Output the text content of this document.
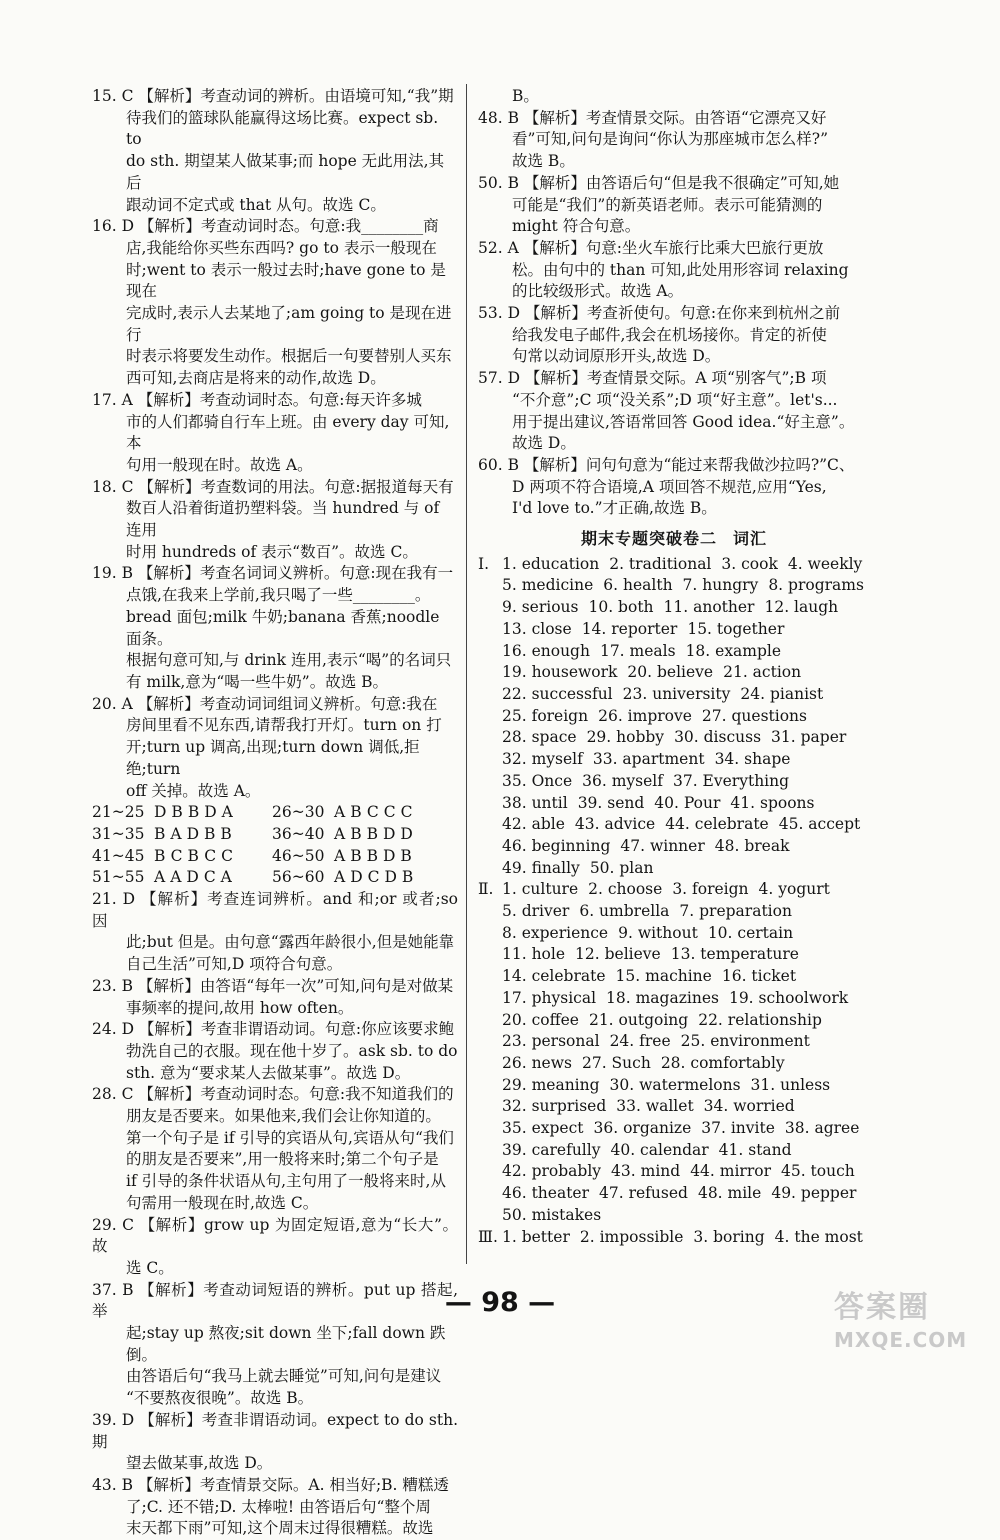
15. C 【解析】考查动词的辨析。由语境可知,“我”期
待我们的篮球队能赢得这场比赛。expect sb. to
do sth. 期望某人做某事;而 hope 无此用法,其后
跟动词不定式或 that 从句。故选 C。
16. D 【解析】考查动词时态。句意:我________商
店,我能给你买些东西吗? go to 表示一般现在
时;went to 表示一般过去时;have gone to 是现在
完成时,表示人去某地了;am going to 是现在进行
时表示将要发生动作。根据后一句要替别人买东
西可知,去商店是将来的动作,故选 D。
17. A 【解析】考查动词时态。句意:每天许多城
市的人们都骑自行车上班。由 every day 可知,本
句用一般现在时。故选 A。
18. C 【解析】考查数词的用法。句意:据报道每天有
数百人沿着街道扔塑料袋。当 hundred 与 of 连用
时用 hundreds of 表示“数百”。故选 C。
19. B 【解析】考查名词词义辨析。句意:现在我有一
点饿,在我来上学前,我只喝了一些________。
bread 面包;milk 牛奶;banana 香蕉;noodle 面条。
根据句意可知,与 drink 连用,表示“喝”的名词只
有 milk,意为“喝一些牛奶”。故选 B。
20. A 【解析】考查动词词组词义辨析。句意:我在
房间里看不见东西,请帮我打开灯。turn on 打
开;turn up 调高,出现;turn down 调低,拒绝;turn
off 关掉。故选 A。
21~25 DBBDA	26~30 ABCCC
31~35 BADBB	36~40 ABBDD
41~45 BCBCC	46~50 ABBDB
51~55 AADCA	56~60 ADCDB
21. D 【解析】考查连词辨析。and 和;or 或者;so 因
此;but 但是。由句意“露西年龄很小,但是她能靠
自己生活”可知,D 项符合句意。
23. B 【解析】由答语“每年一次”可知,问句是对做某
事频率的提问,故用 how often。
24. D 【解析】考查非谓语动词。句意:你应该要求鲍
勃洗自己的衣服。现在他十岁了。ask sb. to do
sth. 意为“要求某人去做某事”。故选 D。
28. C 【解析】考查动词时态。句意:我不知道我们的
朋友是否要来。如果他来,我们会让你知道的。
第一个句子是 if 引导的宾语从句,宾语从句“我们
的朋友是否要来”,用一般将来时;第二个句子是
if 引导的条件状语从句,主句用了一般将来时,从
句需用一般现在时,故选 C。
29. C 【解析】grow up 为固定短语,意为“长大”。故
选 C。
37. B 【解析】考查动词短语的辨析。put up 搭起,举
起;stay up 熬夜;sit down 坐下;fall down 跌倒。
由答语后句“我马上就去睡觉”可知,问句是建议
“不要熬夜很晚”。故选 B。
39. D 【解析】考查非谓语动词。expect to do sth. 期
望去做某事,故选 D。
43. B 【解析】考查情景交际。A. 相当好;B. 糟糕透
了;C. 还不错;D. 太棒啦! 由答语后句“整个周
末天都下雨”可知,这个周末过得很糟糕。故选
B。
48. B 【解析】考查情景交际。由答语“它漂亮又好
看”可知,问句是询问“你认为那座城市怎么样?”
故选 B。
50. B 【解析】由答语后句“但是我不很确定”可知,她
可能是“我们”的新英语老师。表示可能猜测的
might 符合句意。
52. A 【解析】句意:坐火车旅行比乘大巴旅行更放
松。由句中的 than 可知,此处用形容词 relaxing
的比较级形式。故选 A。
53. D 【解析】考查祈使句。句意:在你来到杭州之前
给我发电子邮件,我会在机场接你。肯定的祈使
句常以动词原形开头,故选 D。
57. D 【解析】考查情景交际。A 项“别客气”;B 项
“不介意”;C 项“没关系”;D 项“好主意”。let's...
用于提出建议,答语常回答 Good idea.“好主意”。
故选 D。
60. B 【解析】问句句意为“能过来帮我做沙拉吗?”C、
D 两项不符合语境,A 项回答不规范,应用“Yes,
I'd love to.”才正确,故选 B。
期末专题突破卷二 词汇
Ⅰ. 1. education 2. traditional 3. cook 4. weekly
5. medicine 6. health 7. hungry 8. programs
9. serious 10. both 11. another 12. laugh
13. close 14. reporter 15. together
16. enough 17. meals 18. example
19. housework 20. believe 21. action
22. successful 23. university 24. pianist
25. foreign 26. improve 27. questions
28. space 29. hobby 30. discuss 31. paper
32. myself 33. apartment 34. shape
35. Once 36. myself 37. Everything
38. until 39. send 40. Pour 41. spoons
42. able 43. advice 44. celebrate 45. accept
46. beginning 47. winner 48. break
49. finally 50. plan
Ⅱ. 1. culture 2. choose 3. foreign 4. yogurt
5. driver 6. umbrella 7. preparation
8. experience 9. without 10. certain
11. hole 12. believe 13. temperature
14. celebrate 15. machine 16. ticket
17. physical 18. magazines 19. schoolwork
20. coffee 21. outgoing 22. relationship
23. personal 24. free 25. environment
26. news 27. Such 28. comfortably
29. meaning 30. watermelons 31. unless
32. surprised 33. wallet 34. worried
35. expect 36. organize 37. invite 38. agree
39. carefully 40. calendar 41. stand
42. probably 43. mind 44. mirror 45. touch
46. theater 47. refused 48. mile 49. pepper
50. mistakes
Ⅲ. 1. better 2. impossible 3. boring 4. the most
— 98 —	答案圈
MXQE.COM
